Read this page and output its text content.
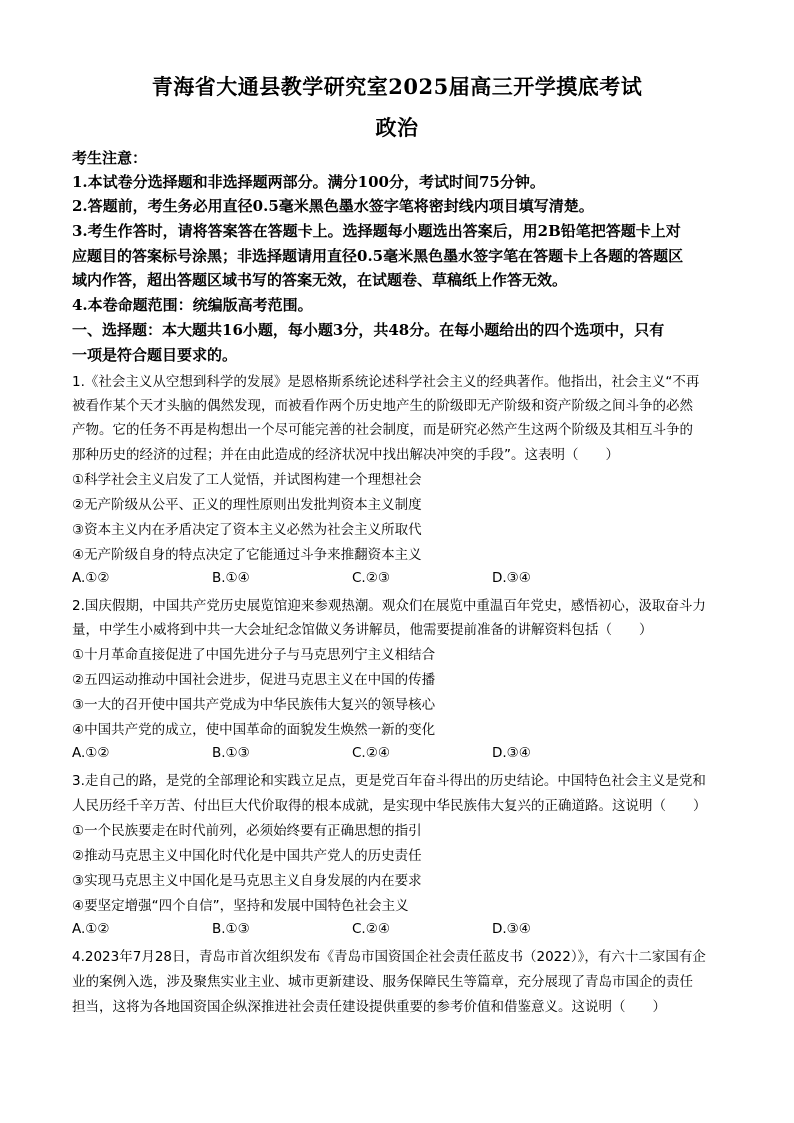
青海省大通县教学研究室2025届高三开学摸底考试
政治
考生注意：
1.本试卷分选择题和非选择题两部分。满分100分，考试时间75分钟。
2.答题前，考生务必用直径0.5毫米黑色墨水签字笔将密封线内项目填写清楚。
3.考生作答时，请将答案答在答题卡上。选择题每小题选出答案后，用2B铅笔把答题卡上对
应题目的答案标号涂黑；非选择题请用直径0.5毫米黑色墨水签字笔在答题卡上各题的答题区
域内作答，超出答题区域书写的答案无效，在试题卷、草稿纸上作答无效。
4.本卷命题范围：统编版高考范围。
一、选择题：本大题共16小题，每小题3分，共48分。在每小题给出的四个选项中，只有
一项是符合题目要求的。
1.《社会主义从空想到科学的发展》是恩格斯系统论述科学社会主义的经典著作。他指出，社会主义“不再
被看作某个天才头脑的偶然发现，而被看作两个历史地产生的阶级即无产阶级和资产阶级之间斗争的必然
产物。它的任务不再是构想出一个尽可能完善的社会制度，而是研究必然产生这两个阶级及其相互斗争的
那种历史的经济的过程；并在由此造成的经济状况中找出解决冲突的手段”。这表明（　　）
①科学社会主义启发了工人觉悟，并试图构建一个理想社会
②无产阶级从公平、正义的理性原则出发批判资本主义制度
③资本主义内在矛盾决定了资本主义必然为社会主义所取代
④无产阶级自身的特点决定了它能通过斗争来推翻资本主义
A.①②	B.①④	C.②③	D.③④
2.国庆假期，中国共产党历史展览馆迎来参观热潮。观众们在展览中重温百年党史，感悟初心，汲取奋斗力
量，中学生小威将到中共一大会址纪念馆做义务讲解员，他需要提前准备的讲解资料包括（　　）
①十月革命直接促进了中国先进分子与马克思列宁主义相结合
②五四运动推动中国社会进步，促进马克思主义在中国的传播
③一大的召开使中国共产党成为中华民族伟大复兴的领导核心
④中国共产党的成立，使中国革命的面貌发生焕然一新的变化
A.①②	B.①③	C.②④	D.③④
3.走自己的路，是党的全部理论和实践立足点，更是党百年奋斗得出的历史结论。中国特色社会主义是党和
人民历经千辛万苦、付出巨大代价取得的根本成就，是实现中华民族伟大复兴的正确道路。这说明（　　）
①一个民族要走在时代前列，必须始终要有正确思想的指引
②推动马克思主义中国化时代化是中国共产党人的历史责任
③实现马克思主义中国化是马克思主义自身发展的内在要求
④要坚定增强“四个自信”，坚持和发展中国特色社会主义
A.①②	B.①③	C.②④	D.③④
4.2023年7月28日，青岛市首次组织发布《青岛市国资国企社会责任蓝皮书（2022）》，有六十二家国有企
业的案例入选，涉及聚焦实业主业、城市更新建设、服务保障民生等篇章，充分展现了青岛市国企的责任
担当，这将为各地国资国企纵深推进社会责任建设提供重要的参考价值和借鉴意义。这说明（　　）
